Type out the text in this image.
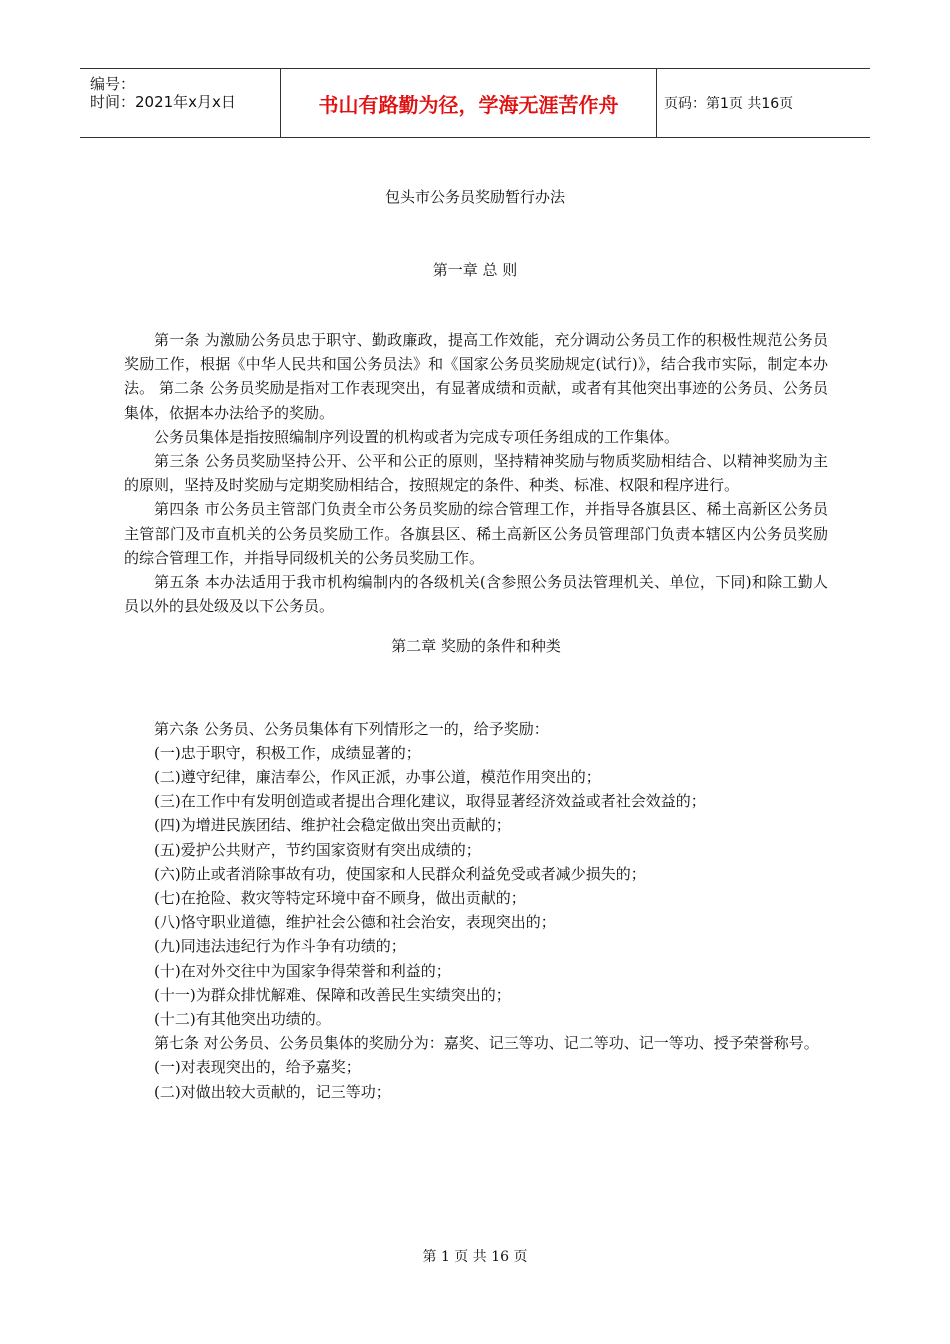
编号：
时间：2021年x月x日	书山有路勤为径，学海无涯苦作舟	页码：第1页 共16页
包头市公务员奖励暂行办法
第一章 总 则

第一条 为激励公务员忠于职守、勤政廉政，提高工作效能，充分调动公务员工作的积极性规范公务员奖励工作，根据《中华人民共和国公务员法》和《国家公务员奖励规定(试行)》，结合我市实际，制定本办法。 第二条 公务员奖励是指对工作表现突出，有显著成绩和贡献，或者有其他突出事迹的公务员、公务员集体，依据本办法给予的奖励。

公务员集体是指按照编制序列设置的机构或者为完成专项任务组成的工作集体。

第三条 公务员奖励坚持公开、公平和公正的原则，坚持精神奖励与物质奖励相结合、以精神奖励为主的原则，坚持及时奖励与定期奖励相结合，按照规定的条件、种类、标准、权限和程序进行。

第四条 市公务员主管部门负责全市公务员奖励的综合管理工作，并指导各旗县区、稀土高新区公务员主管部门及市直机关的公务员奖励工作。各旗县区、稀土高新区公务员管理部门负责本辖区内公务员奖励的综合管理工作，并指导同级机关的公务员奖励工作。

第五条 本办法适用于我市机构编制内的各级机关(含参照公务员法管理机关、单位，下同)和除工勤人员以外的县处级及以下公务员。

第二章 奖励的条件和种类

第六条 公务员、公务员集体有下列情形之一的，给予奖励：

(一)忠于职守，积极工作，成绩显著的；

(二)遵守纪律，廉洁奉公，作风正派，办事公道，模范作用突出的；

(三)在工作中有发明创造或者提出合理化建议，取得显著经济效益或者社会效益的；

(四)为增进民族团结、维护社会稳定做出突出贡献的；

(五)爱护公共财产，节约国家资财有突出成绩的；

(六)防止或者消除事故有功，使国家和人民群众利益免受或者减少损失的；

(七)在抢险、救灾等特定环境中奋不顾身，做出贡献的；

(八)恪守职业道德，维护社会公德和社会治安，表现突出的；

(九)同违法违纪行为作斗争有功绩的；

(十)在对外交往中为国家争得荣誉和利益的；

(十一)为群众排忧解难、保障和改善民生实绩突出的；

(十二)有其他突出功绩的。

第七条 对公务员、公务员集体的奖励分为：嘉奖、记三等功、记二等功、记一等功、授予荣誉称号。

(一)对表现突出的，给予嘉奖；

(二)对做出较大贡献的，记三等功；

第 1 页 共 16 页
